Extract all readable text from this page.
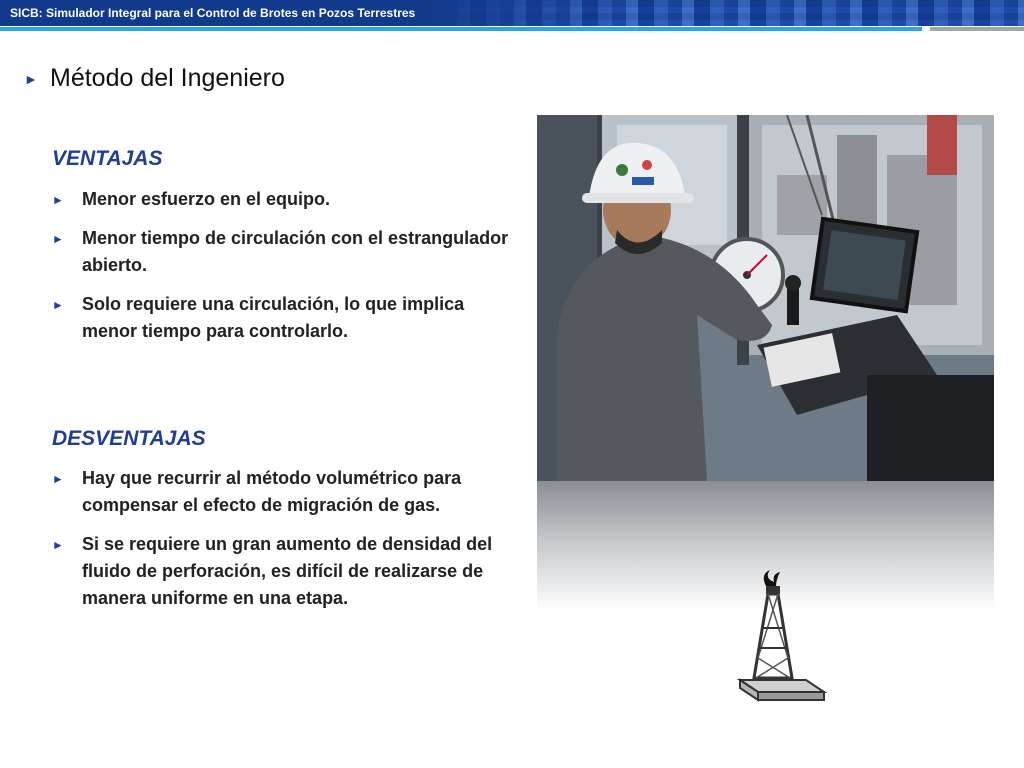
SICB: Simulador Integral para el Control de Brotes en Pozos Terrestres
► Método del Ingeniero
VENTAJAS
► Menor esfuerzo en el equipo.
► Menor tiempo de circulación con el estrangulador abierto.
► Solo requiere una circulación, lo que implica menor tiempo para controlarlo.
DESVENTAJAS
► Hay que recurrir al método volumétrico para compensar el efecto de migración de gas.
► Si se requiere un gran aumento de densidad del fluido de perforación, es difícil de realizarse de manera uniforme en una etapa.
